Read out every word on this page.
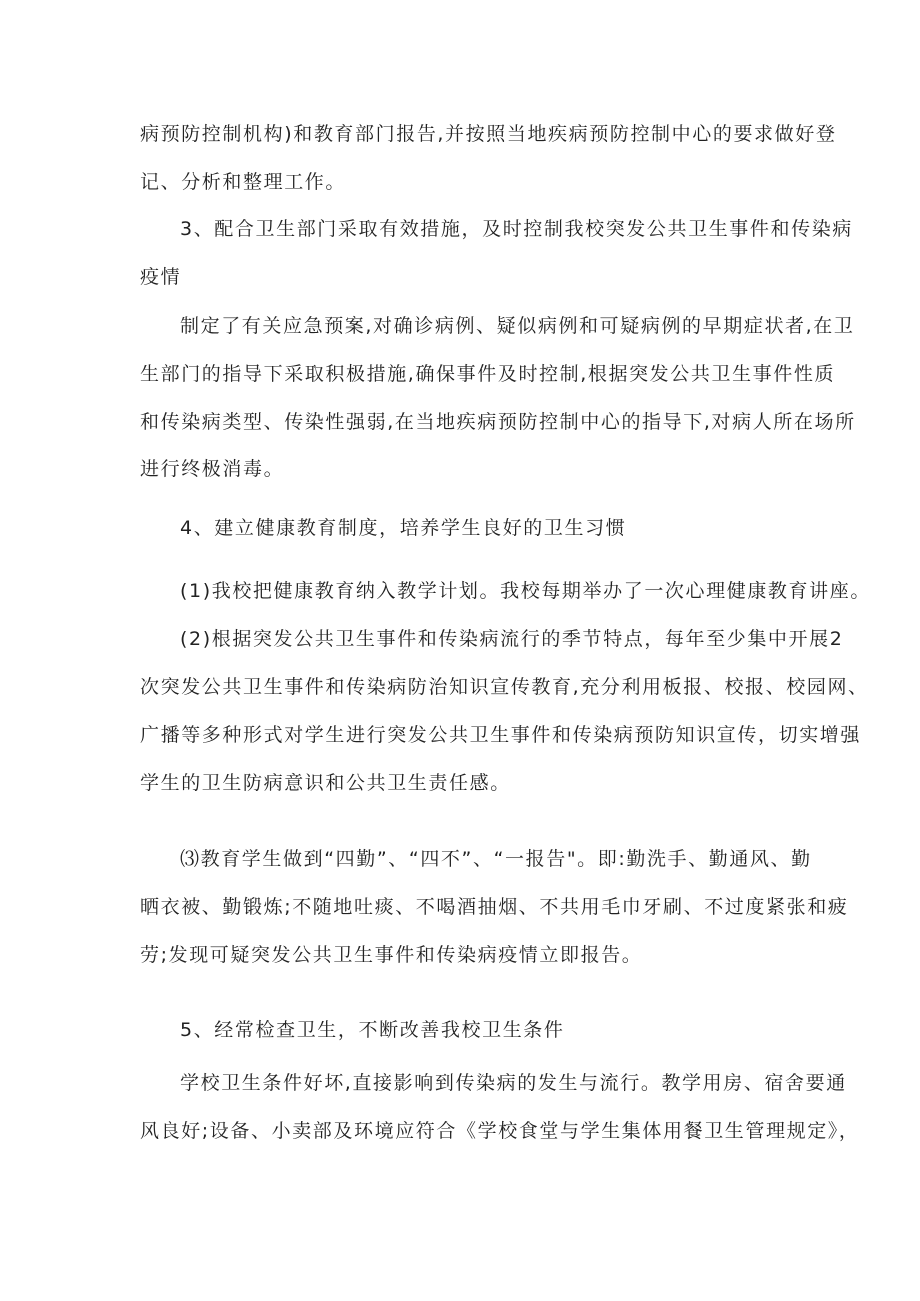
病预防控制机构)和教育部门报告,并按照当地疾病预防控制中心的要求做好登
记、分析和整理工作。
3、配合卫生部门采取有效措施，及时控制我校突发公共卫生事件和传染病
疫情
制定了有关应急预案,对确诊病例、疑似病例和可疑病例的早期症状者,在卫
生部门的指导下采取积极措施,确保事件及时控制,根据突发公共卫生事件性质
和传染病类型、传染性强弱,在当地疾病预防控制中心的指导下,对病人所在场所
进行终极消毒。
4、建立健康教育制度，培养学生良好的卫生习惯
(1)我校把健康教育纳入教学计划。我校每期举办了一次心理健康教育讲座。
(2)根据突发公共卫生事件和传染病流行的季节特点，每年至少集中开展2
次突发公共卫生事件和传染病防治知识宣传教育,充分利用板报、校报、校园网、
广播等多种形式对学生进行突发公共卫生事件和传染病预防知识宣传，切实增强
学生的卫生防病意识和公共卫生责任感。
⑶教育学生做到“四勤”、“四不”、“一报告"。即:勤洗手、勤通风、勤
晒衣被、勤锻炼;不随地吐痰、不喝酒抽烟、不共用毛巾牙刷、不过度紧张和疲
劳;发现可疑突发公共卫生事件和传染病疫情立即报告。
5、经常检查卫生，不断改善我校卫生条件
学校卫生条件好坏,直接影响到传染病的发生与流行。教学用房、宿舍要通
风良好;设备、小卖部及环境应符合《学校食堂与学生集体用餐卫生管理规定》，
